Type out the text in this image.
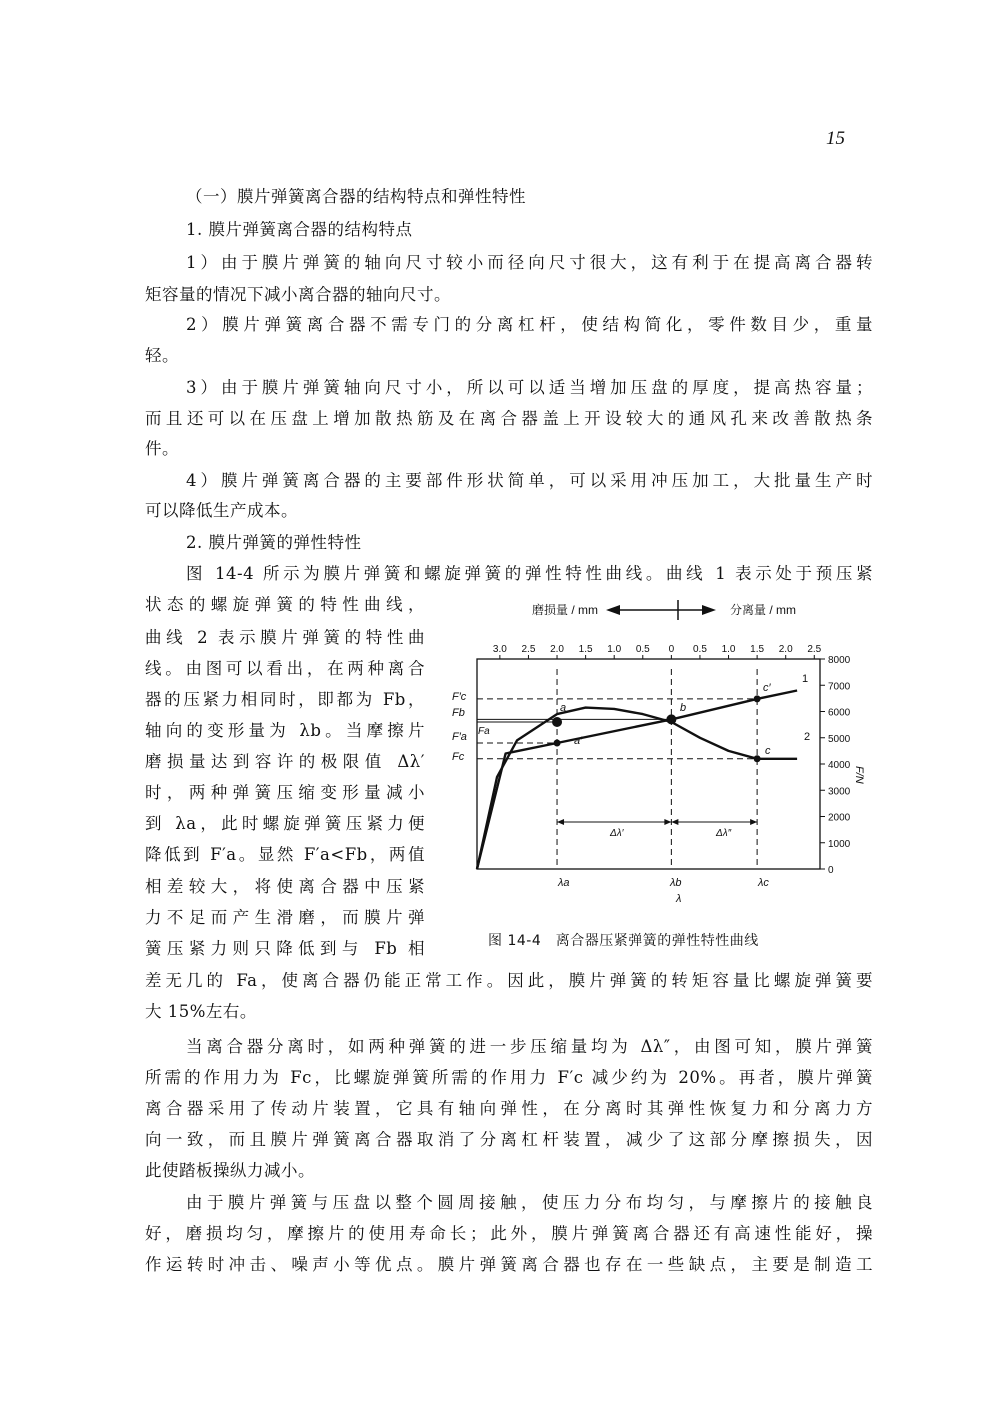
15
（一）膜片弹簧离合器的结构特点和弹性特性
1. 膜片弹簧离合器的结构特点
1）由于膜片弹簧的轴向尺寸较小而径向尺寸很大，这有利于在提高离合器转
矩容量的情况下减小离合器的轴向尺寸。
2）膜片弹簧离合器不需专门的分离杠杆，使结构简化，零件数目少，重量
轻。
3）由于膜片弹簧轴向尺寸小，所以可以适当增加压盘的厚度，提高热容量；
而且还可以在压盘上增加散热筋及在离合器盖上开设较大的通风孔来改善散热条
件。
4）膜片弹簧离合器的主要部件形状简单，可以采用冲压加工，大批量生产时
可以降低生产成本。
2. 膜片弹簧的弹性特性
图 14-4 所示为膜片弹簧和螺旋弹簧的弹性特性曲线。曲线 1 表示处于预压紧
状态的螺旋弹簧的特性曲线，
曲线 2 表示膜片弹簧的特性曲
线。由图可以看出，在两种离合
器的压紧力相同时，即都为 Fb，
轴向的变形量为 λb。当摩擦片
磨损量达到容许的极限值 Δλ′
时，两种弹簧压缩变形量减小
到 λa，此时螺旋弹簧压紧力便
降低到 F′a。显然 F′a<Fb，两值
相差较大，将使离合器中压紧
力不足而产生滑磨，而膜片弹
簧压紧力则只降低到与 Fb 相
差无几的 Fa，使离合器仍能正常工作。因此，膜片弹簧的转矩容量比螺旋弹簧要
大 15%左右。
当离合器分离时，如两种弹簧的进一步压缩量均为 Δλ″，由图可知，膜片弹簧
所需的作用力为 Fc，比螺旋弹簧所需的作用力 F′c 减少约为 20%。再者，膜片弹簧
离合器采用了传动片装置，它具有轴向弹性，在分离时其弹性恢复力和分离力方
向一致，而且膜片弹簧离合器取消了分离杠杆装置，减少了这部分摩擦损失，因
此使踏板操纵力减小。
由于膜片弹簧与压盘以整个圆周接触，使压力分布均匀，与摩擦片的接触良
好，磨损均匀，摩擦片的使用寿命长；此外，膜片弹簧离合器还有高速性能好，操
作运转时冲击、噪声小等优点。膜片弹簧离合器也存在一些缺点，主要是制造工
磨损量 / mm	分离量 / mm
3.0 2.5 2.0 1.5 1.0 0.5 0 0.5 1.0 1.5 2.0 2.5
0
1000
2000
3000
4000
5000
6000
7000
8000
F′c
Fb
F′a Fa
Fc
a
a′
b
c
c′
1
2
Δλ′	Δλ″
λa	λb	λc
λ
F/N
图 14-4　离合器压紧弹簧的弹性特性曲线
